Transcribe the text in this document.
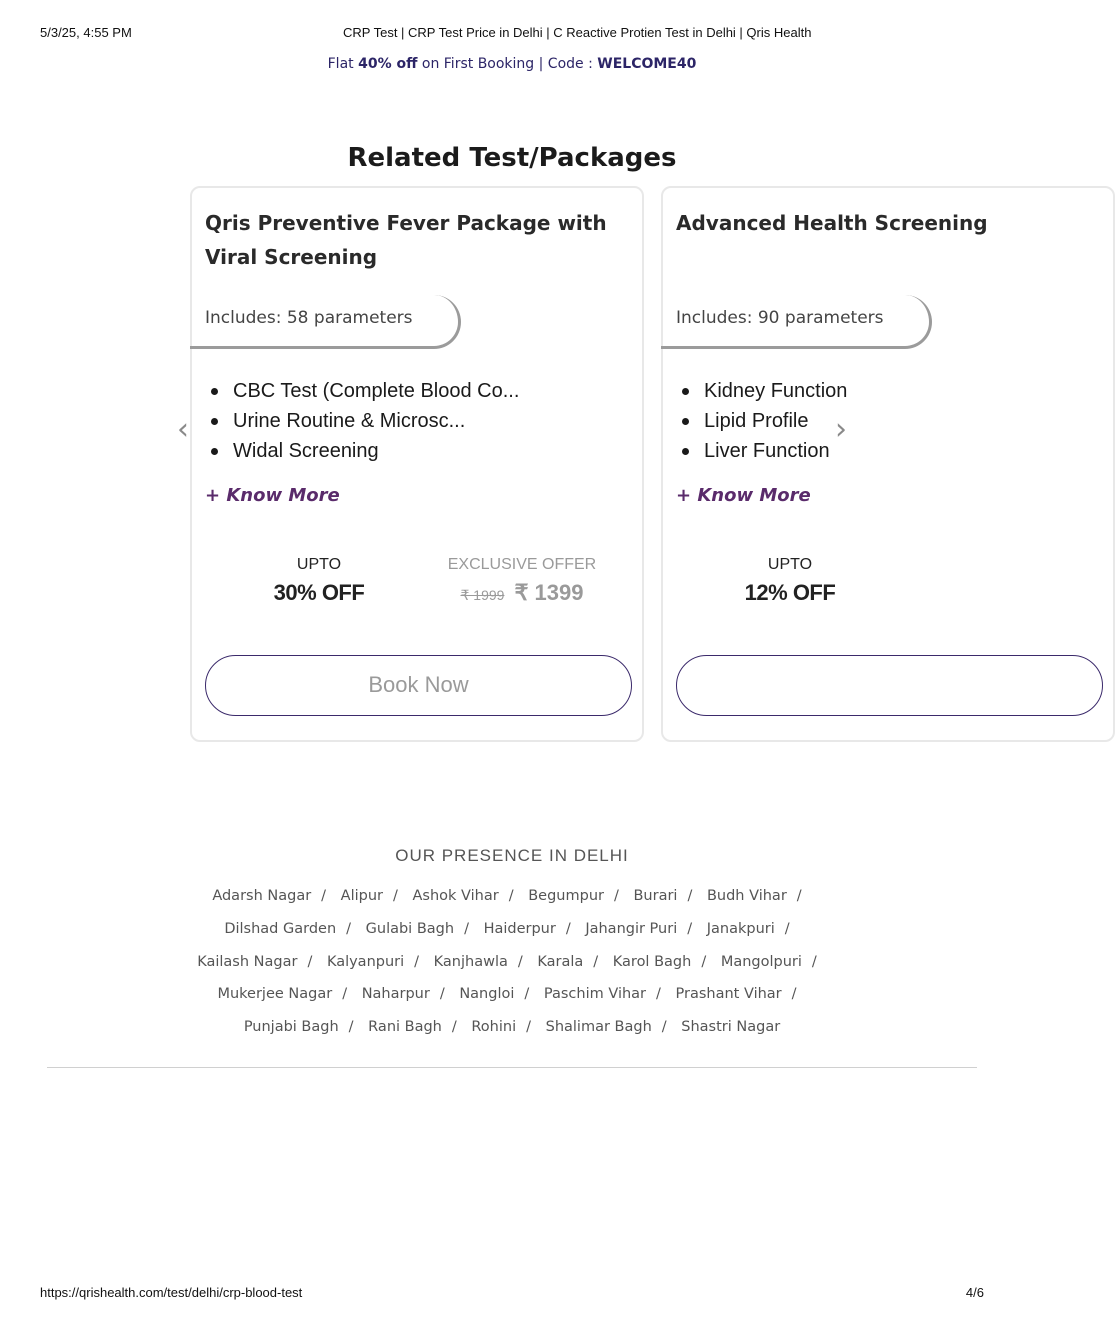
5/3/25, 4:55 PM	CRP Test | CRP Test Price in Delhi | C Reactive Protien Test in Delhi | Qris Health
Flat 40% off on First Booking | Code : WELCOME40
Related Test/Packages
Qris Preventive Fever Package with Viral Screening
Includes: 58 parameters
CBC Test (Complete Blood Co...
Urine Routine & Microsc...
Widal Screening
+ Know More
UPTO
30% OFF
EXCLUSIVE OFFER
₹ 1999 ₹ 1399
Book Now
Advanced Health Screening
Includes: 90 parameters
Kidney Function
Lipid Profile
Liver Function
+ Know More
UPTO
12% OFF
‹	›
OUR PRESENCE IN DELHI
Adarsh Nagar / Alipur / Ashok Vihar / Begumpur / Burari / Budh Vihar / Dilshad Garden / Gulabi Bagh / Haiderpur / Jahangir Puri / Janakpuri / Kailash Nagar / Kalyanpuri / Kanjhawla / Karala / Karol Bagh / Mangolpuri / Mukerjee Nagar / Naharpur / Nangloi / Paschim Vihar / Prashant Vihar / Punjabi Bagh / Rani Bagh / Rohini / Shalimar Bagh / Shastri Nagar
https://qrishealth.com/test/delhi/crp-blood-test	4/6
